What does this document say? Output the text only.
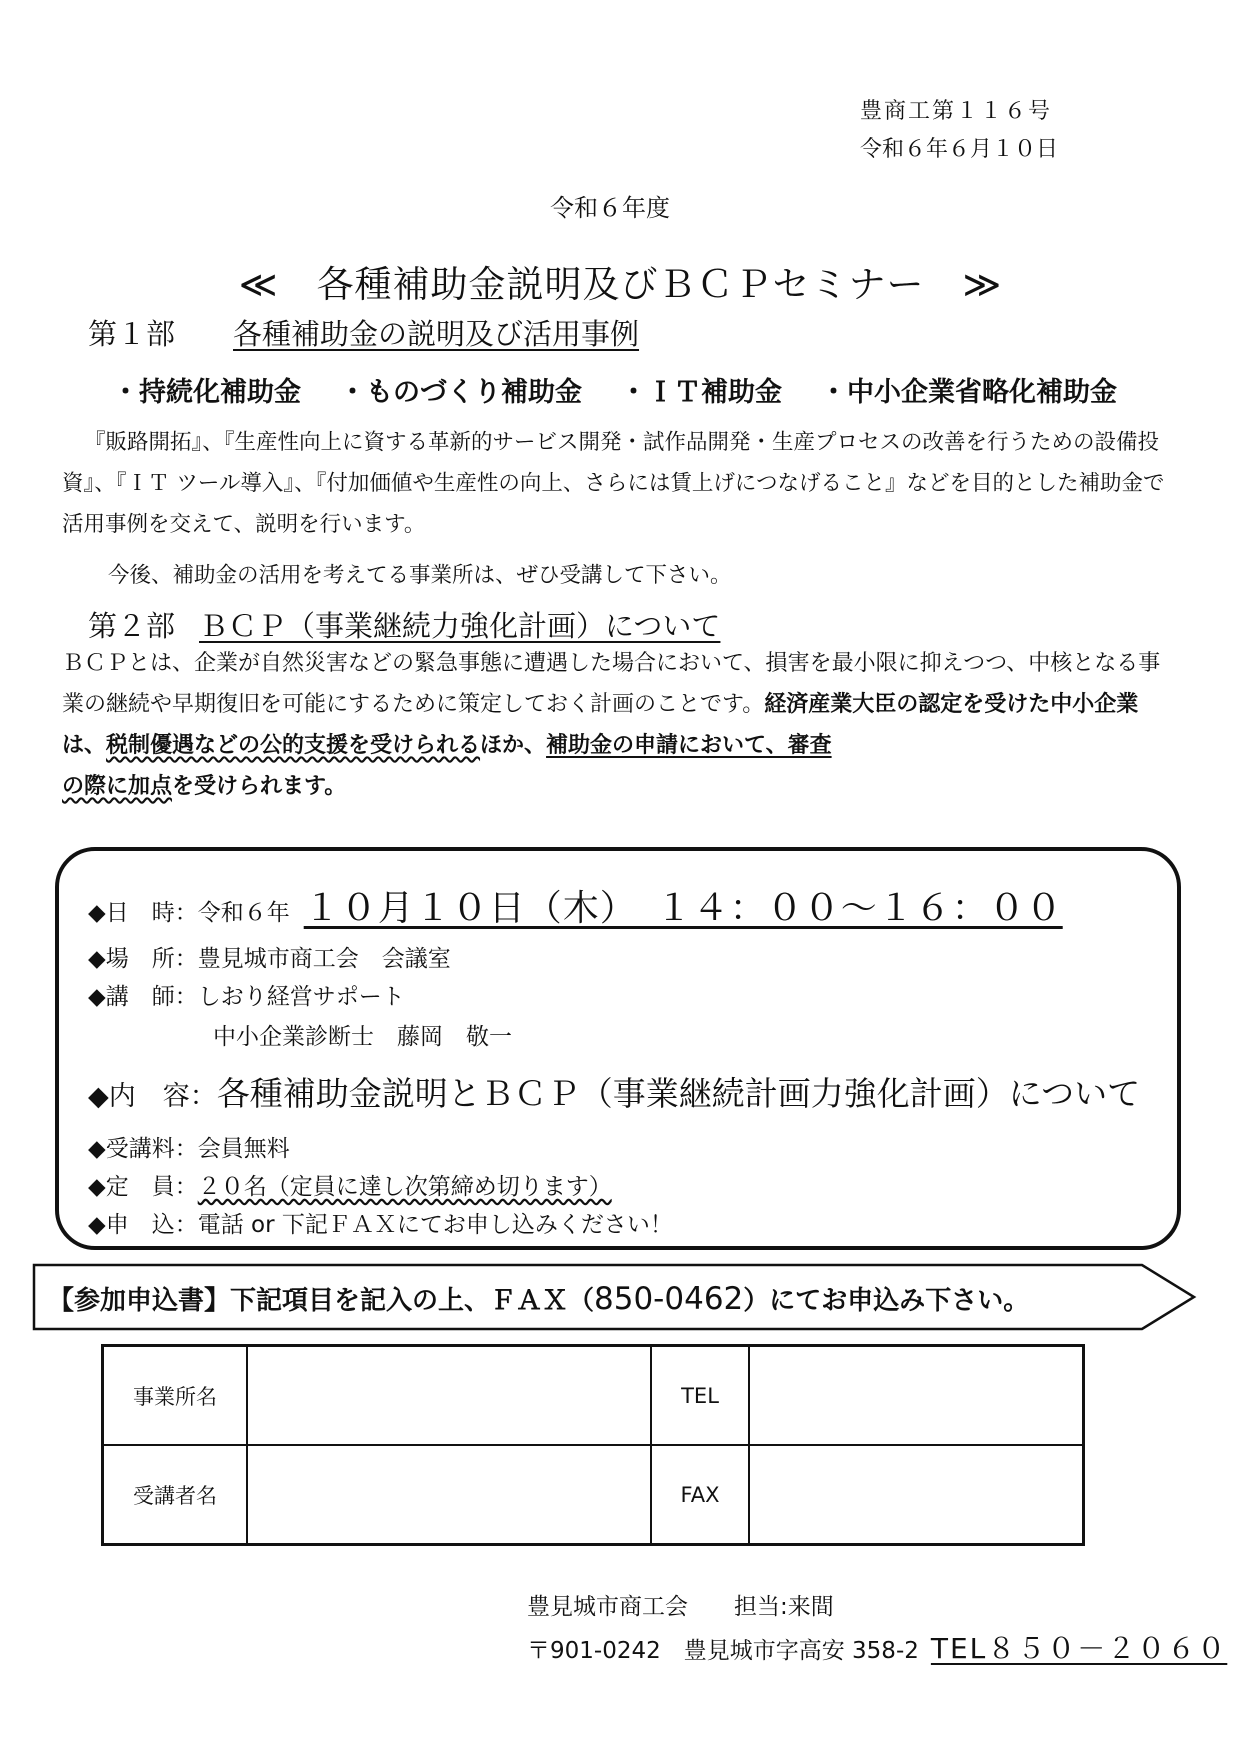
豊商工第１１６号
令和６年６月１０日
令和６年度
≪　各種補助金説明及びＢＣＰセミナー　≫
第１部 各種補助金の説明及び活用事例
・持続化補助金 ・ものづくり補助金 ・ＩＴ補助金 ・中小企業省略化補助金
『販路開拓』、『生産性向上に資する革新的サービス開発・試作品開発・生産プロセスの改善を行うための設備投資』、『ＩＴ ツール導入』、『付加価値や生産性の向上、さらには賃上げにつなげること』などを目的とした補助金で活用事例を交えて、説明を行います。
今後、補助金の活用を考えてる事業所は、ぜひ受講して下さい。
第２部 ＢＣＰ（事業継続力強化計画）について
ＢＣＰとは、企業が自然災害などの緊急事態に遭遇した場合において、損害を最小限に抑えつつ、中核となる事業の継続や早期復旧を可能にするために策定しておく計画のことです。経済産業大臣の認定を受けた中小企業は、税制優遇などの公的支援を受けられるほか、補助金の申請において、審査
の際に加点を受けられます。
◆日　時：令和６年 １０月１０日（木）　１４：００～１６：００
◆場　所：豊見城市商工会　会議室
◆講　師：しおり経営サポート
中小企業診断士　藤岡　敬一
◆内　容：各種補助金説明とＢＣＰ（事業継続計画力強化計画）について
◆受講料：会員無料
◆定　員：２０名（定員に達し次第締め切ります）
◆申　込：電話 or 下記ＦＡＸにてお申し込みください！
【参加申込書】下記項目を記入の上、ＦＡＸ（850-0462）にてお申込み下さい。
事業所名		TEL	
受講者名		FAX	
豊見城市商工会　　担当:来間
〒901-0242　豊見城市字高安 358-2 TEL８５０－２０６０
